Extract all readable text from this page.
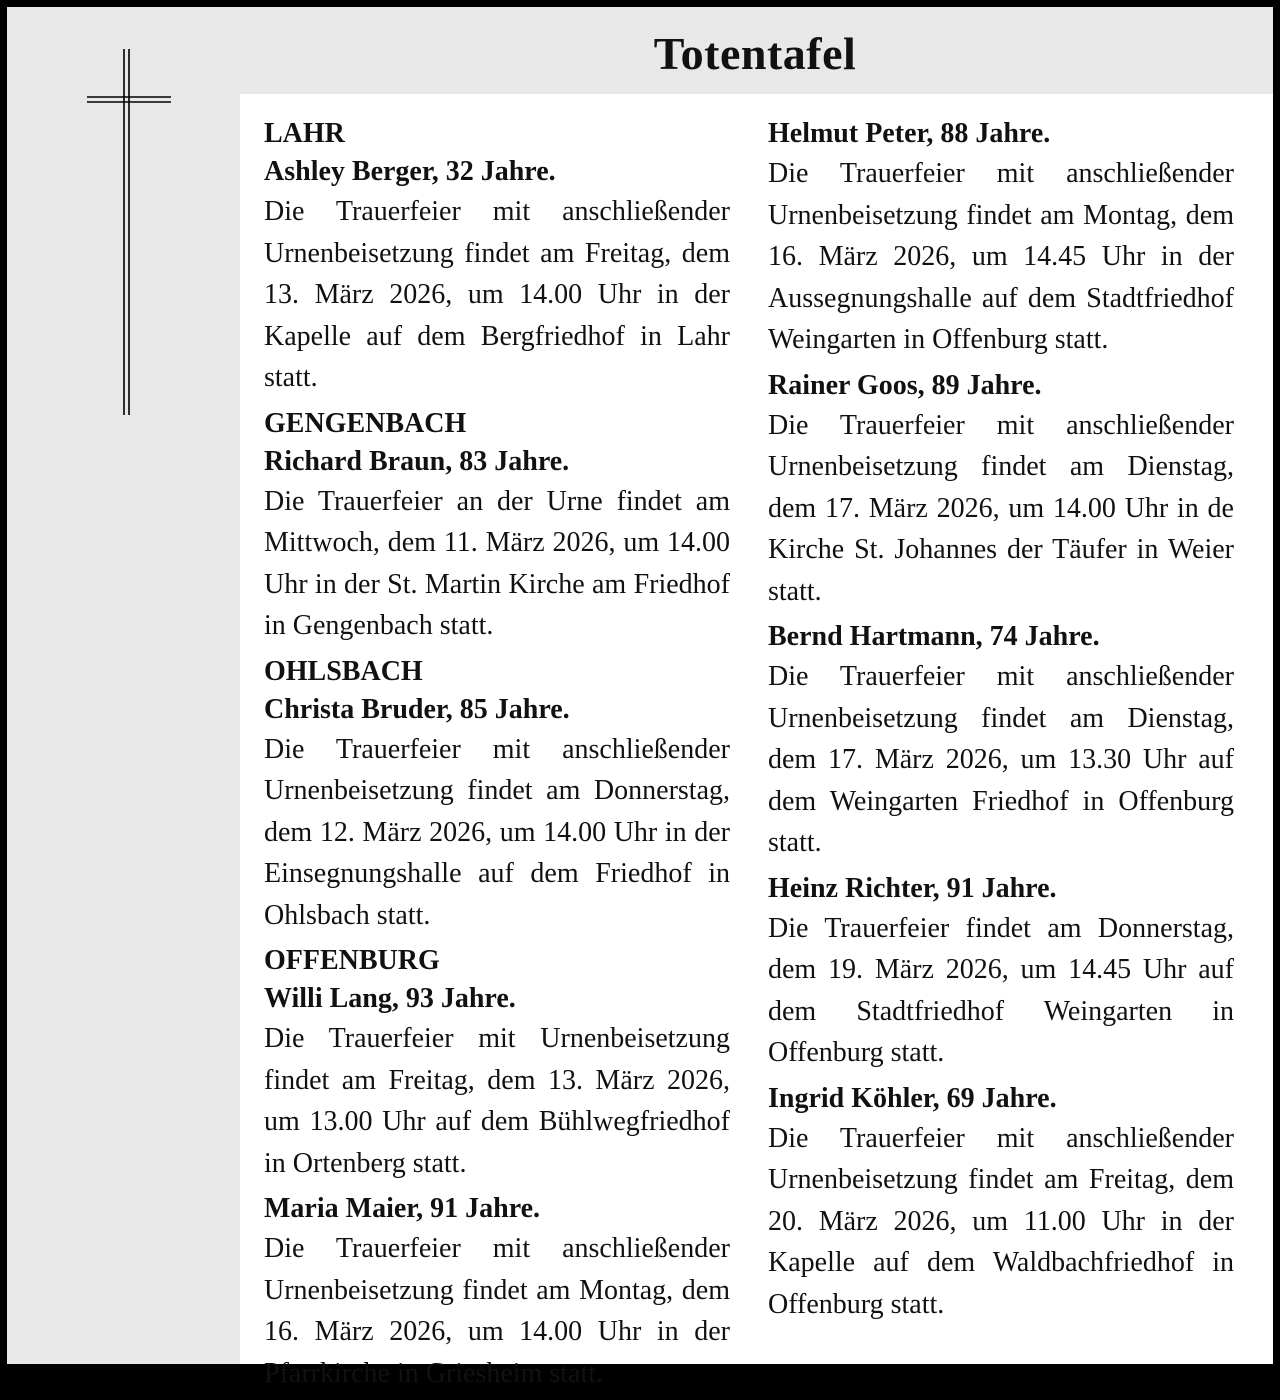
Totentafel
LAHR
Ashley Berger, 32 Jahre.
Die Trauerfeier mit anschließender Urnenbeisetzung findet am Freitag, dem 13. März 2026, um 14.00 Uhr in der Kapelle auf dem Bergfriedhof in Lahr statt.
GENGENBACH
Richard Braun, 83 Jahre.
Die Trauerfeier an der Urne findet am Mittwoch, dem 11. März 2026, um 14.00 Uhr in der St. Martin Kirche am Friedhof in Gengenbach statt.
OHLSBACH
Christa Bruder, 85 Jahre.
Die Trauerfeier mit anschließender Urnenbeisetzung findet am Donnerstag, dem 12. März 2026, um 14.00 Uhr in der Einsegnungshalle auf dem Friedhof in Ohlsbach statt.
OFFENBURG
Willi Lang, 93 Jahre.
Die Trauerfeier mit Urnenbeisetzung findet am Freitag, dem 13. März 2026, um 13.00 Uhr auf dem Bühlwegfriedhof in Ortenberg statt.
Maria Maier, 91 Jahre.
Die Trauerfeier mit anschließender Urnenbeisetzung findet am Montag, dem 16. März 2026, um 14.00 Uhr in der Pfarrkirche in Griesheim statt.
Helmut Peter, 88 Jahre.
Die Trauerfeier mit anschließender Urnenbeisetzung findet am Montag, dem 16. März 2026, um 14.45 Uhr in der Aussegnungshalle auf dem Stadtfriedhof Weingarten in Offenburg statt.
Rainer Goos, 89 Jahre.
Die Trauerfeier mit anschließender Urnenbeisetzung findet am Dienstag, dem 17. März 2026, um 14.00 Uhr in de Kirche St. Johannes der Täufer in Weier statt.
Bernd Hartmann, 74 Jahre.
Die Trauerfeier mit anschließender Urnenbeisetzung findet am Dienstag, dem 17. März 2026, um 13.30 Uhr auf dem Weingarten Friedhof in Offenburg statt.
Heinz Richter, 91 Jahre.
Die Trauerfeier findet am Donnerstag, dem 19. März 2026, um 14.45 Uhr auf dem Stadtfriedhof Weingarten in Offenburg statt.
Ingrid Köhler, 69 Jahre.
Die Trauerfeier mit anschließender Urnenbeisetzung findet am Freitag, dem 20. März 2026, um 11.00 Uhr in der Kapelle auf dem Waldbachfriedhof in Offenburg statt.
